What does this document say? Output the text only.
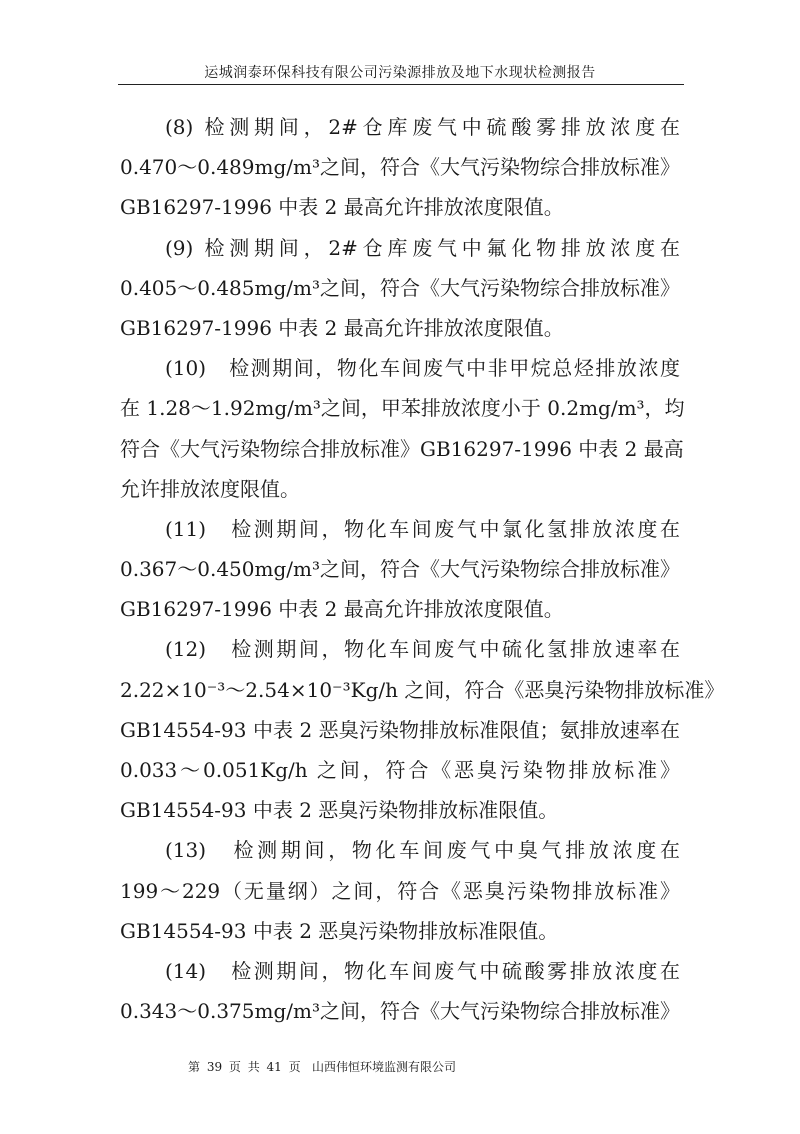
运城润泰环保科技有限公司污染源排放及地下水现状检测报告
(8) 检测期间，2#仓库废气中硫酸雾排放浓度在
0.470～0.489mg/m³之间，符合《大气污染物综合排放标准》
GB16297-1996 中表 2 最高允许排放浓度限值。
(9) 检测期间，2#仓库废气中氟化物排放浓度在
0.405～0.485mg/m³之间，符合《大气污染物综合排放标准》
GB16297-1996 中表 2 最高允许排放浓度限值。
(10)　检测期间，物化车间废气中非甲烷总烃排放浓度
在 1.28～1.92mg/m³之间，甲苯排放浓度小于 0.2mg/m³，均
符合《大气污染物综合排放标准》GB16297-1996 中表 2 最高
允许排放浓度限值。
(11)　检测期间，物化车间废气中氯化氢排放浓度在
0.367～0.450mg/m³之间，符合《大气污染物综合排放标准》
GB16297-1996 中表 2 最高允许排放浓度限值。
(12)　检测期间，物化车间废气中硫化氢排放速率在
2.22×10⁻³～2.54×10⁻³Kg/h 之间，符合《恶臭污染物排放标准》
GB14554-93 中表 2 恶臭污染物排放标准限值；氨排放速率在
0.033～0.051Kg/h 之间，符合《恶臭污染物排放标准》
GB14554-93 中表 2 恶臭污染物排放标准限值。
(13)　检测期间，物化车间废气中臭气排放浓度在
199～229（无量纲）之间，符合《恶臭污染物排放标准》
GB14554-93 中表 2 恶臭污染物排放标准限值。
(14)　检测期间，物化车间废气中硫酸雾排放浓度在
0.343～0.375mg/m³之间，符合《大气污染物综合排放标准》
第 39 页 共 41 页 山西伟恒环境监测有限公司
